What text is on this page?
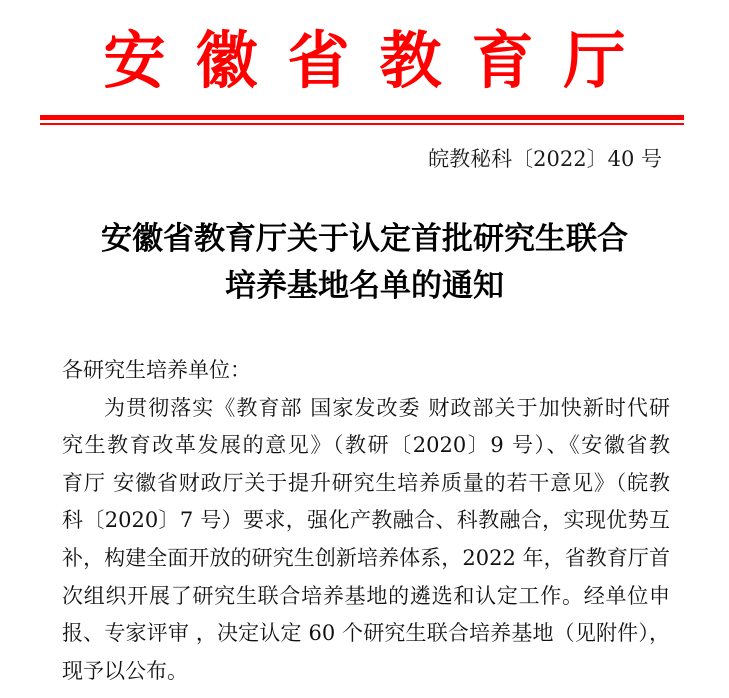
安徽省教育厅
皖教秘科〔2022〕40 号
安徽省教育厅关于认定首批研究生联合
培养基地名单的通知
各研究生培养单位：
为贯彻落实《教育部 国家发改委 财政部关于加快新时代研
究生教育改革发展的意见》（教研〔2020〕9 号）、《安徽省教
育厅 安徽省财政厅关于提升研究生培养质量的若干意见》（皖教
科〔2020〕7 号）要求，强化产教融合、科教融合，实现优势互
补，构建全面开放的研究生创新培养体系，2022 年，省教育厅首
次组织开展了研究生联合培养基地的遴选和认定工作。经单位申
报、专家评审 ，决定认定 60 个研究生联合培养基地（见附件），
现予以公布。
